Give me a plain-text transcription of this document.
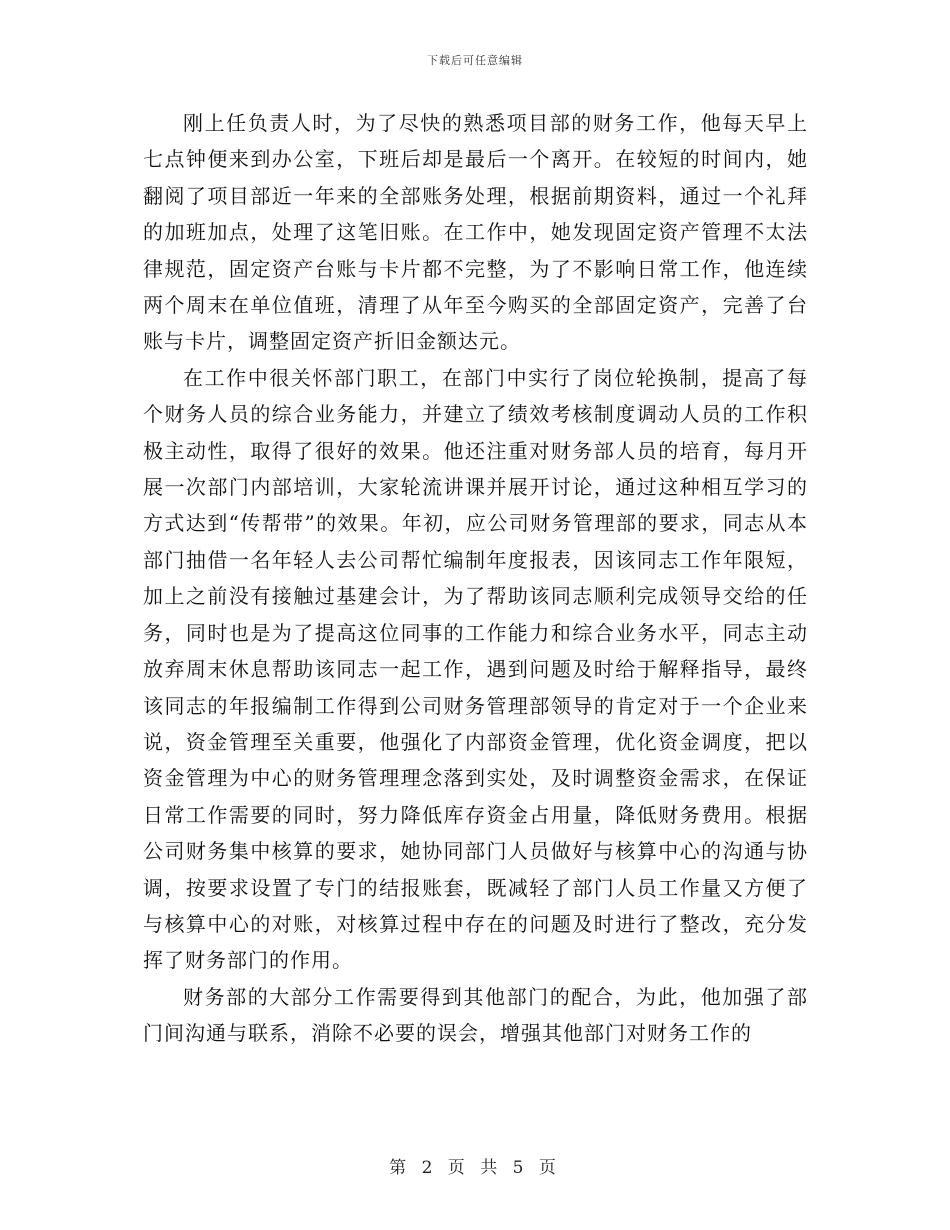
下载后可任意编辑

刚上任负责人时，为了尽快的熟悉项目部的财务工作，他每天早上七点钟便来到办公室，下班后却是最后一个离开。在较短的时间内，她翻阅了项目部近一年来的全部账务处理，根据前期资料，通过一个礼拜的加班加点，处理了这笔旧账。在工作中，她发现固定资产管理不太法律规范，固定资产台账与卡片都不完整，为了不影响日常工作，他连续两个周末在单位值班，清理了从年至今购买的全部固定资产，完善了台账与卡片，调整固定资产折旧金额达元。

在工作中很关怀部门职工，在部门中实行了岗位轮换制，提高了每个财务人员的综合业务能力，并建立了绩效考核制度调动人员的工作积极主动性，取得了很好的效果。他还注重对财务部人员的培育，每月开展一次部门内部培训，大家轮流讲课并展开讨论，通过这种相互学习的方式达到“传帮带”的效果。年初，应公司财务管理部的要求，同志从本部门抽借一名年轻人去公司帮忙编制年度报表，因该同志工作年限短，加上之前没有接触过基建会计，为了帮助该同志顺利完成领导交给的任务，同时也是为了提高这位同事的工作能力和综合业务水平，同志主动放弃周末休息帮助该同志一起工作，遇到问题及时给于解释指导，最终该同志的年报编制工作得到公司财务管理部领导的肯定对于一个企业来说，资金管理至关重要，他强化了内部资金管理，优化资金调度，把以资金管理为中心的财务管理理念落到实处，及时调整资金需求，在保证日常工作需要的同时，努力降低库存资金占用量，降低财务费用。根据公司财务集中核算的要求，她协同部门人员做好与核算中心的沟通与协调，按要求设置了专门的结报账套，既减轻了部门人员工作量又方便了与核算中心的对账，对核算过程中存在的问题及时进行了整改，充分发挥了财务部门的作用。

财务部的大部分工作需要得到其他部门的配合，为此，他加强了部门间沟通与联系，消除不必要的误会，增强其他部门对财务工作的

第 2 页 共 5 页
